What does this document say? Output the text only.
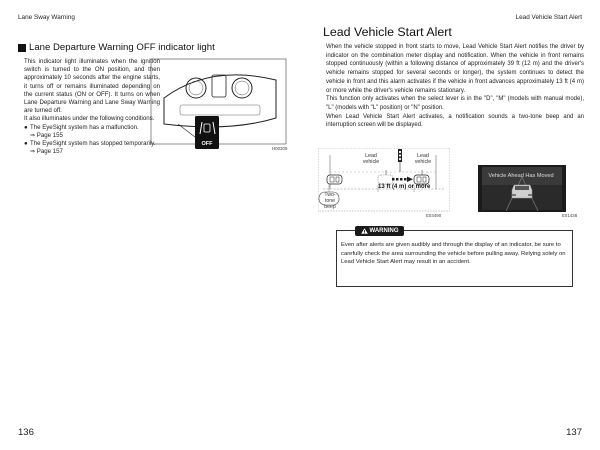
Lane Sway Warning	Lead Vehicle Start Alert
Lane Departure Warning OFF indicator light

This indicator light illuminates when the ignition switch is turned to the ON position, and then approximately 10 seconds after the engine starts, it turns off or remains illuminated depending on the current status (ON or OFF). It turns on when Lane Departure Warning and Lane Sway Warning are turned off.

It also illuminates under the following conditions.

● The EyeSight system has a malfunction.
⇒ Page 155
● The EyeSight system has stopped temporarily.
⇒ Page 157
OFF
H00305
136
Lead Vehicle Start Alert

When the vehicle stopped in front starts to move, Lead Vehicle Start Alert notifies the driver by indicator on the combination meter display and notification. When the vehicle in front remains stopped continuously (within a following distance of approximately 39 ft (12 m) and the driver's vehicle remains stopped for several seconds or longer), the system continues to detect the vehicle in front and this alarm activates if the vehicle in front advances approximately 13 ft (4 m) or more while the driver's vehicle remains stationary.

This function only activates when the select lever is in the "D", "M" (models with manual mode), "L" (models with "L" position) or "N" position.

When Lead Vehicle Start Alert activates, a notification sounds a two-tone beep and an interruption screen will be displayed.

Lead vehicle
Lead vehicle
Two-tone beep
13 ft (4 m) or more
E03490
Vehicle Ahead Has Moved
E01438
WARNING
Even after alerts are given audibly and through the display of an indicator, be sure to carefully check the area surrounding the vehicle before pulling away. Relying solely on Lead Vehicle Start Alert may result in an accident.
137
